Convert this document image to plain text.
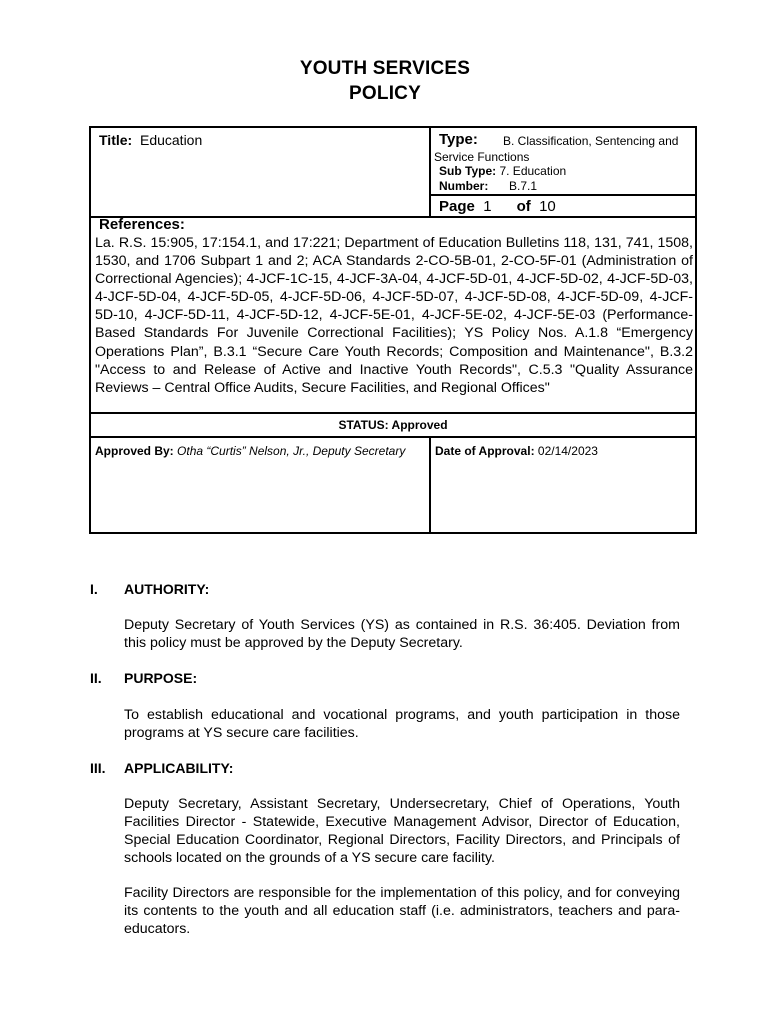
YOUTH SERVICES
POLICY
Title: Education	Type: B. Classification, Sentencing and
Service Functions
Sub Type: 7. Education
Number: B.7.1
Page 1 of 10
References:
La. R.S. 15:905, 17:154.1, and 17:221; Department of Education Bulletins 118, 131, 741, 1508, 1530, and 1706 Subpart 1 and 2; ACA Standards 2-CO-5B-01, 2-CO-5F-01 (Administration of Correctional Agencies); 4-JCF-1C-15, 4-JCF-3A-04, 4-JCF-5D-01, 4-JCF-5D-02, 4-JCF-5D-03, 4-JCF-5D-04, 4-JCF-5D-05, 4-JCF-5D-06, 4-JCF-5D-07, 4-JCF-5D-08, 4-JCF-5D-09, 4-JCF-5D-10, 4-JCF-5D-11, 4-JCF-5D-12, 4-JCF-5E-01, 4-JCF-5E-02, 4-JCF-5E-03 (Performance-Based Standards For Juvenile Correctional Facilities); YS Policy Nos. A.1.8 “Emergency Operations Plan”, B.3.1 “Secure Care Youth Records; Composition and Maintenance", B.3.2 "Access to and Release of Active and Inactive Youth Records", C.5.3 "Quality Assurance Reviews – Central Office Audits, Secure Facilities, and Regional Offices"
STATUS: Approved
Approved By: Otha “Curtis” Nelson, Jr., Deputy Secretary Date of Approval: 02/14/2023
I. AUTHORITY:
Deputy Secretary of Youth Services (YS) as contained in R.S. 36:405. Deviation from this policy must be approved by the Deputy Secretary.
II. PURPOSE:
To establish educational and vocational programs, and youth participation in those programs at YS secure care facilities.
III. APPLICABILITY:
Deputy Secretary, Assistant Secretary, Undersecretary, Chief of Operations, Youth Facilities Director - Statewide, Executive Management Advisor, Director of Education, Special Education Coordinator, Regional Directors, Facility Directors, and Principals of schools located on the grounds of a YS secure care facility.
Facility Directors are responsible for the implementation of this policy, and for conveying its contents to the youth and all education staff (i.e. administrators, teachers and para-educators.
